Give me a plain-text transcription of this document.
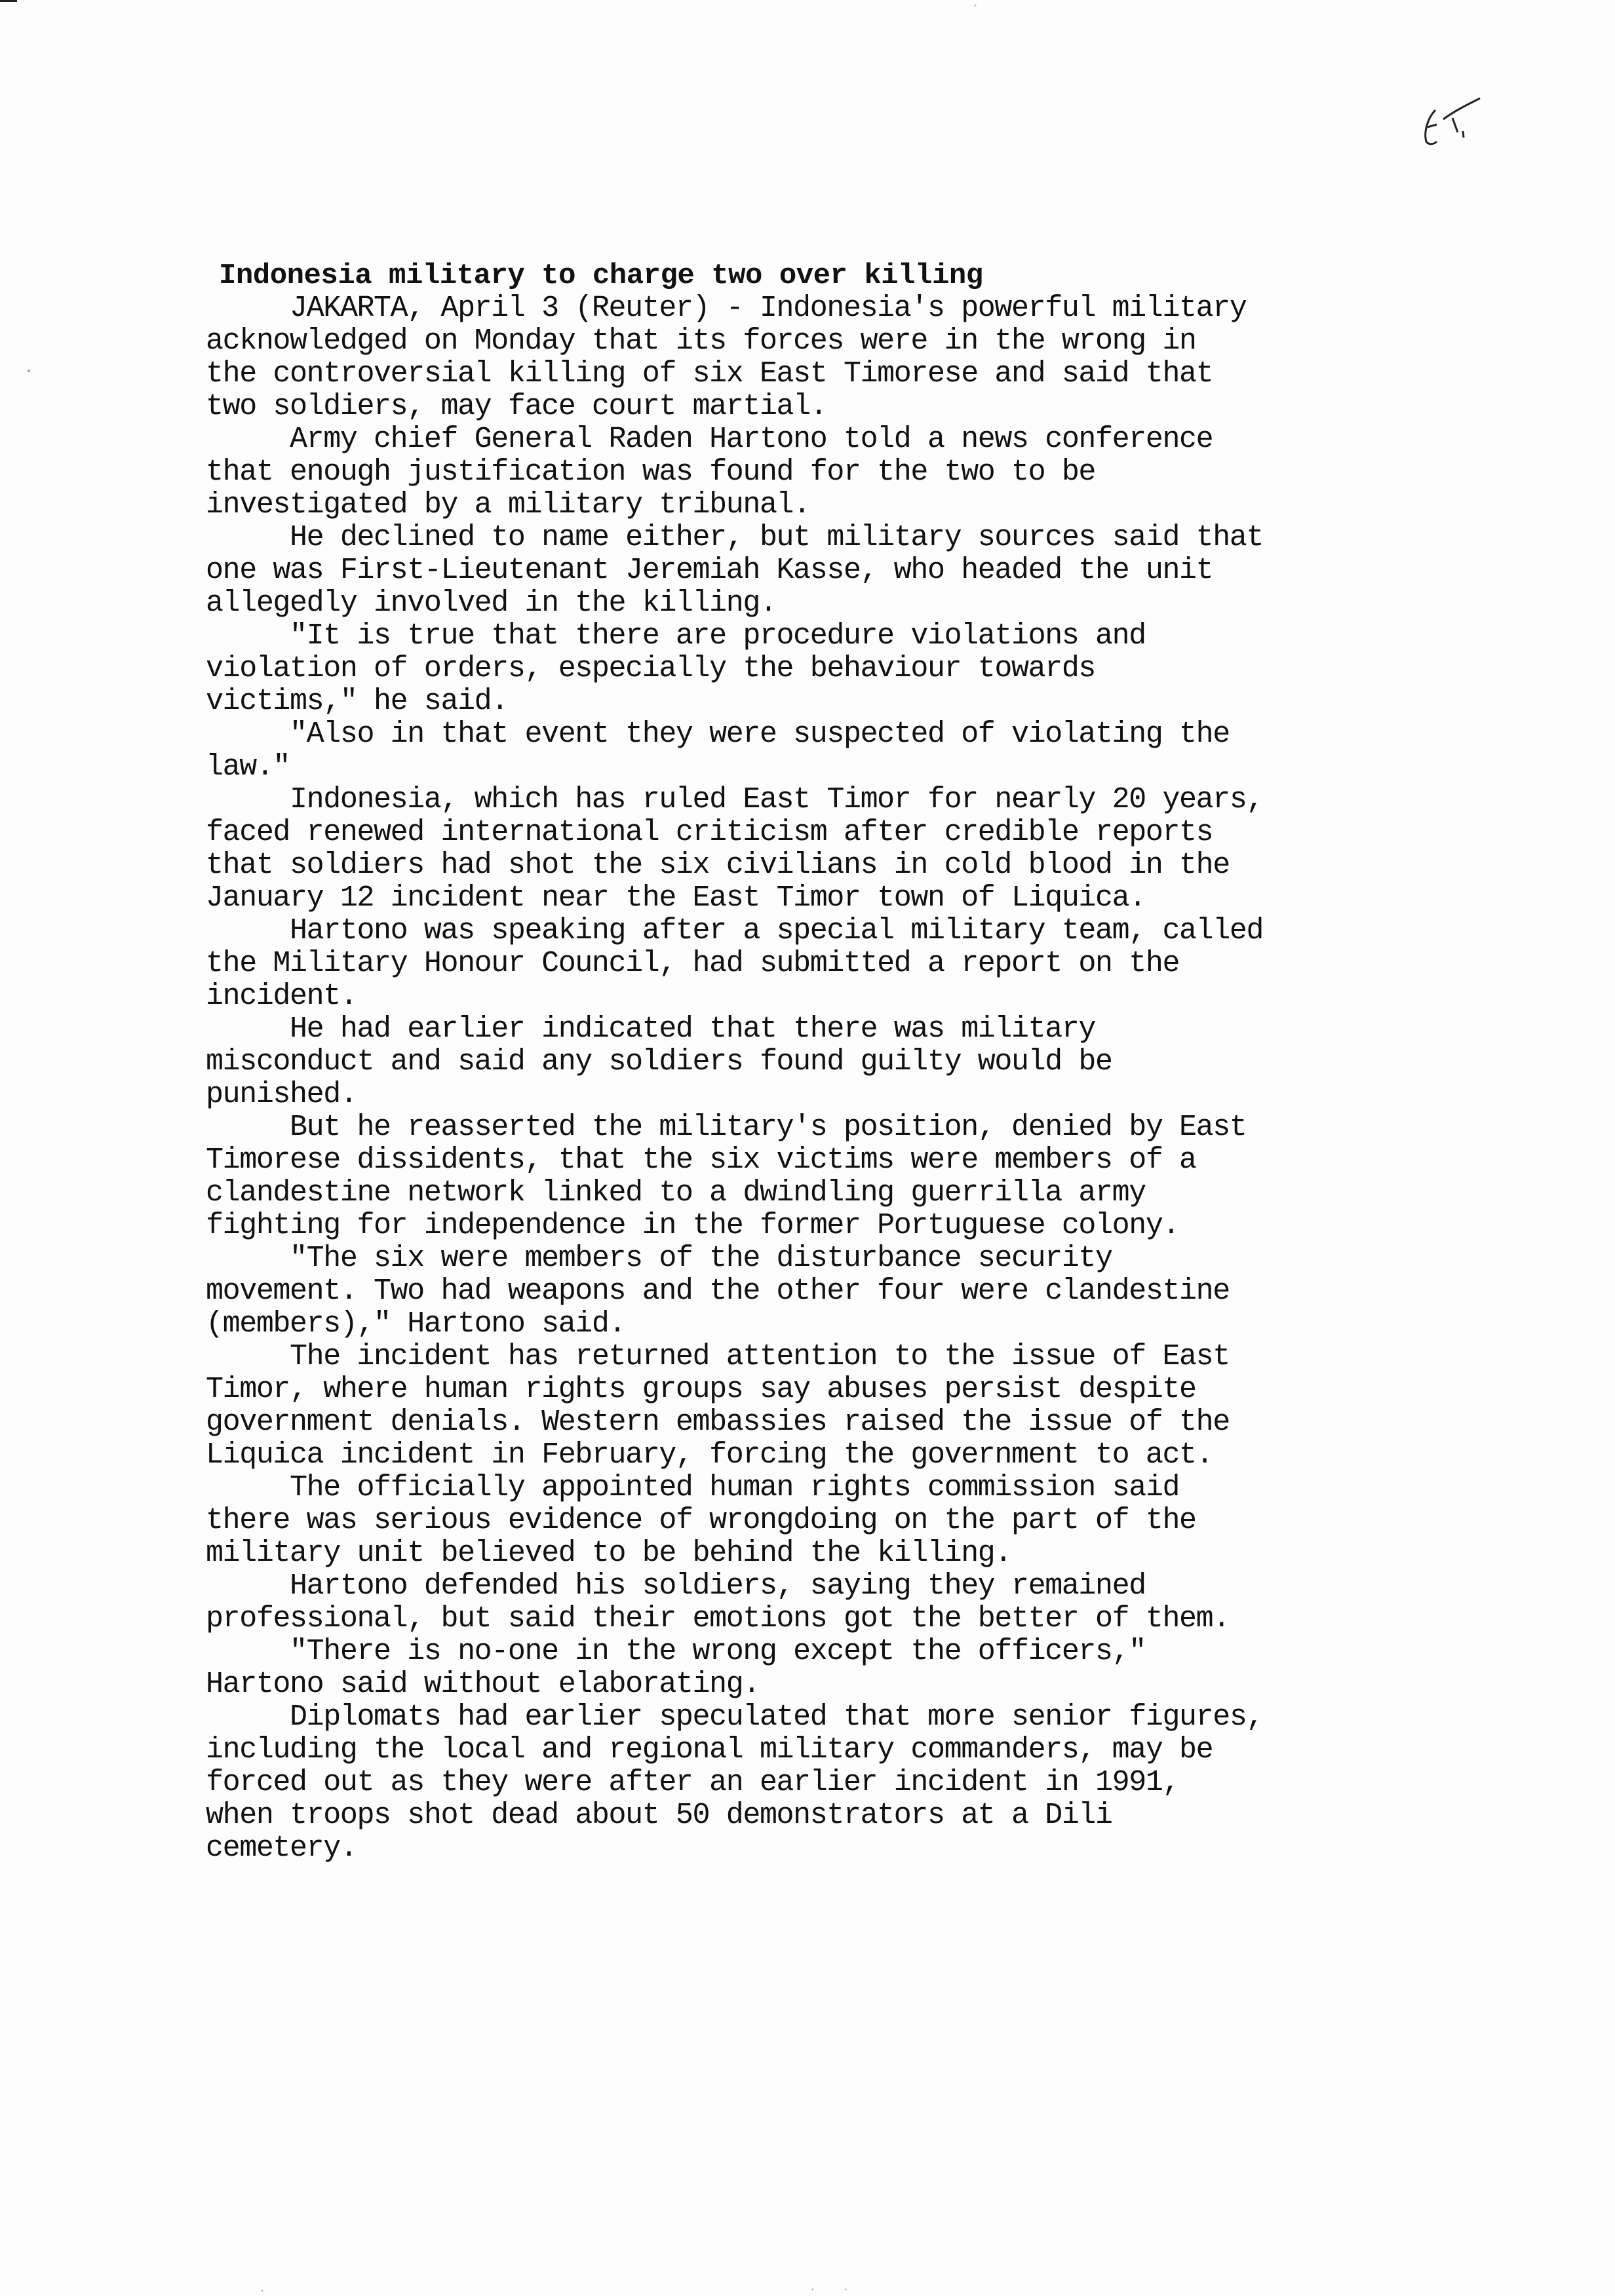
Indonesia military to charge two over killing

JAKARTA, April 3 (Reuter) - Indonesia's powerful military
acknowledged on Monday that its forces were in the wrong in
the controversial killing of six East Timorese and said that
two soldiers, may face court martial.

Army chief General Raden Hartono told a news conference
that enough justification was found for the two to be
investigated by a military tribunal.

He declined to name either, but military sources said that
one was First-Lieutenant Jeremiah Kasse, who headed the unit
allegedly involved in the killing.

"It is true that there are procedure violations and
violation of orders, especially the behaviour towards
victims," he said.

"Also in that event they were suspected of violating the
law."

Indonesia, which has ruled East Timor for nearly 20 years,
faced renewed international criticism after credible reports
that soldiers had shot the six civilians in cold blood in the
January 12 incident near the East Timor town of Liquica.

Hartono was speaking after a special military team, called
the Military Honour Council, had submitted a report on the
incident.

He had earlier indicated that there was military
misconduct and said any soldiers found guilty would be
punished.

But he reasserted the military's position, denied by East
Timorese dissidents, that the six victims were members of a
clandestine network linked to a dwindling guerrilla army
fighting for independence in the former Portuguese colony.

"The six were members of the disturbance security
movement. Two had weapons and the other four were clandestine
(members)," Hartono said.

The incident has returned attention to the issue of East
Timor, where human rights groups say abuses persist despite
government denials. Western embassies raised the issue of the
Liquica incident in February, forcing the government to act.

The officially appointed human rights commission said
there was serious evidence of wrongdoing on the part of the
military unit believed to be behind the killing.

Hartono defended his soldiers, saying they remained
professional, but said their emotions got the better of them.

"There is no-one in the wrong except the officers,"
Hartono said without elaborating.

Diplomats had earlier speculated that more senior figures,
including the local and regional military commanders, may be
forced out as they were after an earlier incident in 1991,
when troops shot dead about 50 demonstrators at a Dili
cemetery.
